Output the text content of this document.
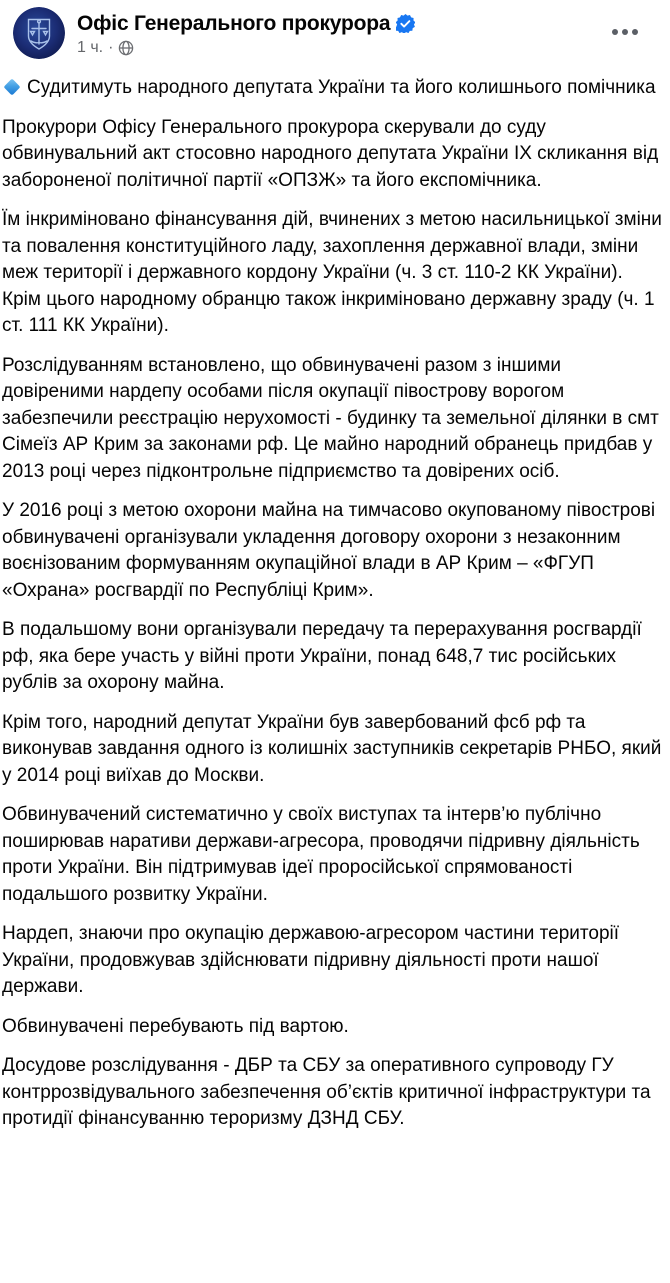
Офіс Генерального прокурора
1 ч. ·

Судитимуть народного депутата України та його колишнього помічника

Прокурори Офісу Генерального прокурора скерували до суду обвинувальний акт стосовно народного депутата України ІХ скликання від забороненої політичної партії «ОПЗЖ» та його експомічника.

Їм інкриміновано фінансування дій, вчинених з метою насильницької зміни та повалення конституційного ладу, захоплення державної влади, зміни меж території і державного кордону України (ч. 3 ст. 110-2 КК України). Крім цього народному обранцю також інкриміновано державну зраду (ч. 1 ст. 111 КК України).

Розслідуванням встановлено, що обвинувачені разом з іншими довіреними нардепу особами після окупації півострову ворогом забезпечили реєстрацію нерухомості - будинку та земельної ділянки в смт Сімеїз АР Крим за законами рф. Це майно народний обранець придбав у 2013 році через підконтрольне підприємство та довірених осіб.

У 2016 році з метою охорони майна на тимчасово окупованому півострові обвинувачені організували укладення договору охорони з незаконним воєнізованим формуванням окупаційної влади в АР Крим – «ФГУП «Охрана» росгвардії по Республіці Крим».

В подальшому вони організували передачу та перерахування росгвардії рф, яка бере участь у війні проти України, понад 648,7 тис російських рублів за охорону майна.

Крім того, народний депутат України був завербований фсб рф та виконував завдання одного із колишніх заступників секретарів РНБО, який у 2014 році виїхав до Москви.

Обвинувачений систематично у своїх виступах та інтерв’ю публічно поширював наративи держави-агресора, проводячи підривну діяльність проти України. Він підтримував ідеї проросійської спрямованості подальшого розвитку України.

Нардеп, знаючи про окупацію державою-агресором частини території України, продовжував здійснювати підривну діяльності проти нашої держави.

Обвинувачені перебувають під вартою.

Досудове розслідування - ДБР та СБУ за оперативного супроводу ГУ контррозвідувального забезпечення об’єктів критичної інфраструктури та протидії фінансуванню тероризму ДЗНД СБУ.
